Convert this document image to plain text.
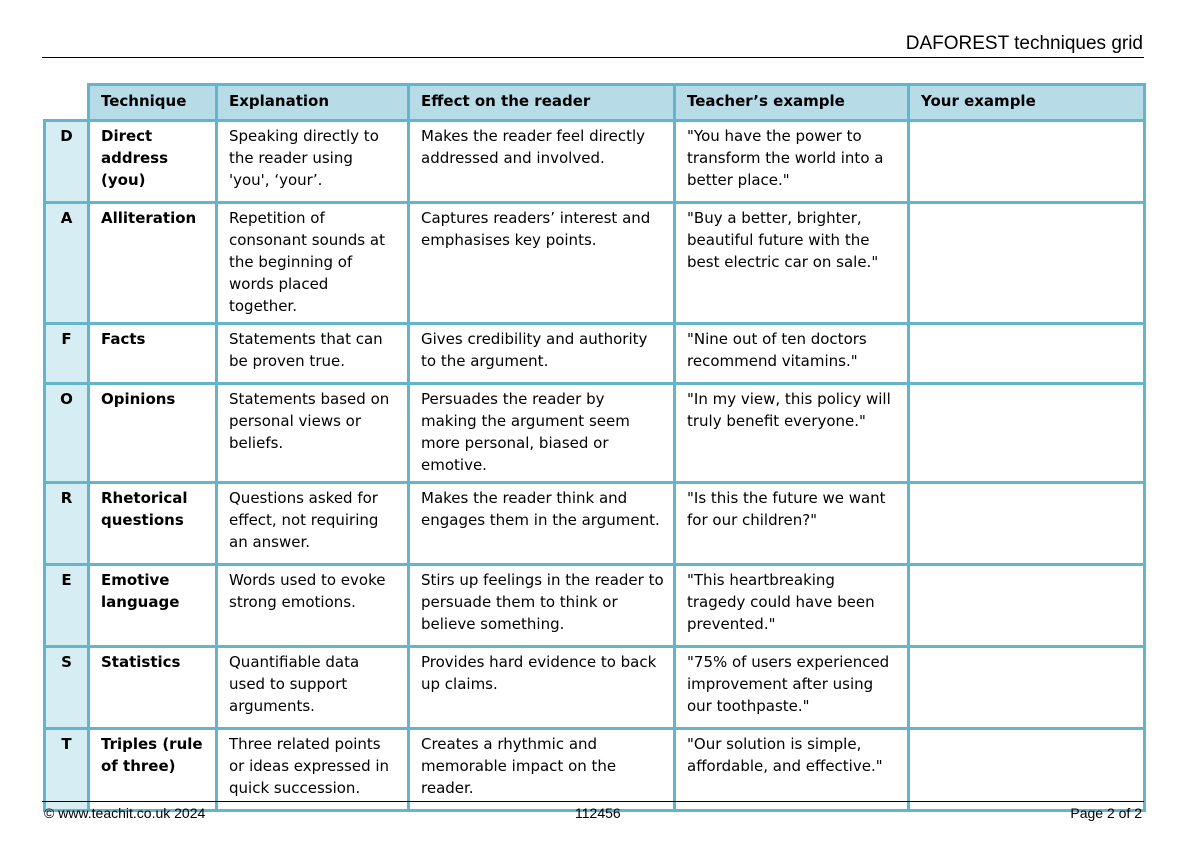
DAFOREST techniques grid
	Technique	Explanation	Effect on the reader	Teacher’s example	Your example
D	Direct address (you)	Speaking directly to the reader using 'you', ‘your’.	Makes the reader feel directly addressed and involved.	"You have the power to transform the world into a better place."	
A	Alliteration	Repetition of consonant sounds at the beginning of words placed together.	Captures readers’ interest and emphasises key points.	"Buy a better, brighter, beautiful future with the best electric car on sale."	
F	Facts	Statements that can be proven true.	Gives credibility and authority to the argument.	"Nine out of ten doctors recommend vitamins."	
O	Opinions	Statements based on personal views or beliefs.	Persuades the reader by making the argument seem more personal, biased or emotive.	"In my view, this policy will truly benefit everyone."	
R	Rhetorical questions	Questions asked for effect, not requiring an answer.	Makes the reader think and engages them in the argument.	"Is this the future we want for our children?"	
E	Emotive language	Words used to evoke strong emotions.	Stirs up feelings in the reader to persuade them to think or believe something.	"This heartbreaking tragedy could have been prevented."	
S	Statistics	Quantifiable data used to support arguments.	Provides hard evidence to back up claims.	"75% of users experienced improvement after using our toothpaste."	
T	Triples (rule of three)	Three related points or ideas expressed in quick succession.	Creates a rhythmic and memorable impact on the reader.	"Our solution is simple, affordable, and effective."	
© www.teachit.co.uk 2024	112456	Page 2 of 2
